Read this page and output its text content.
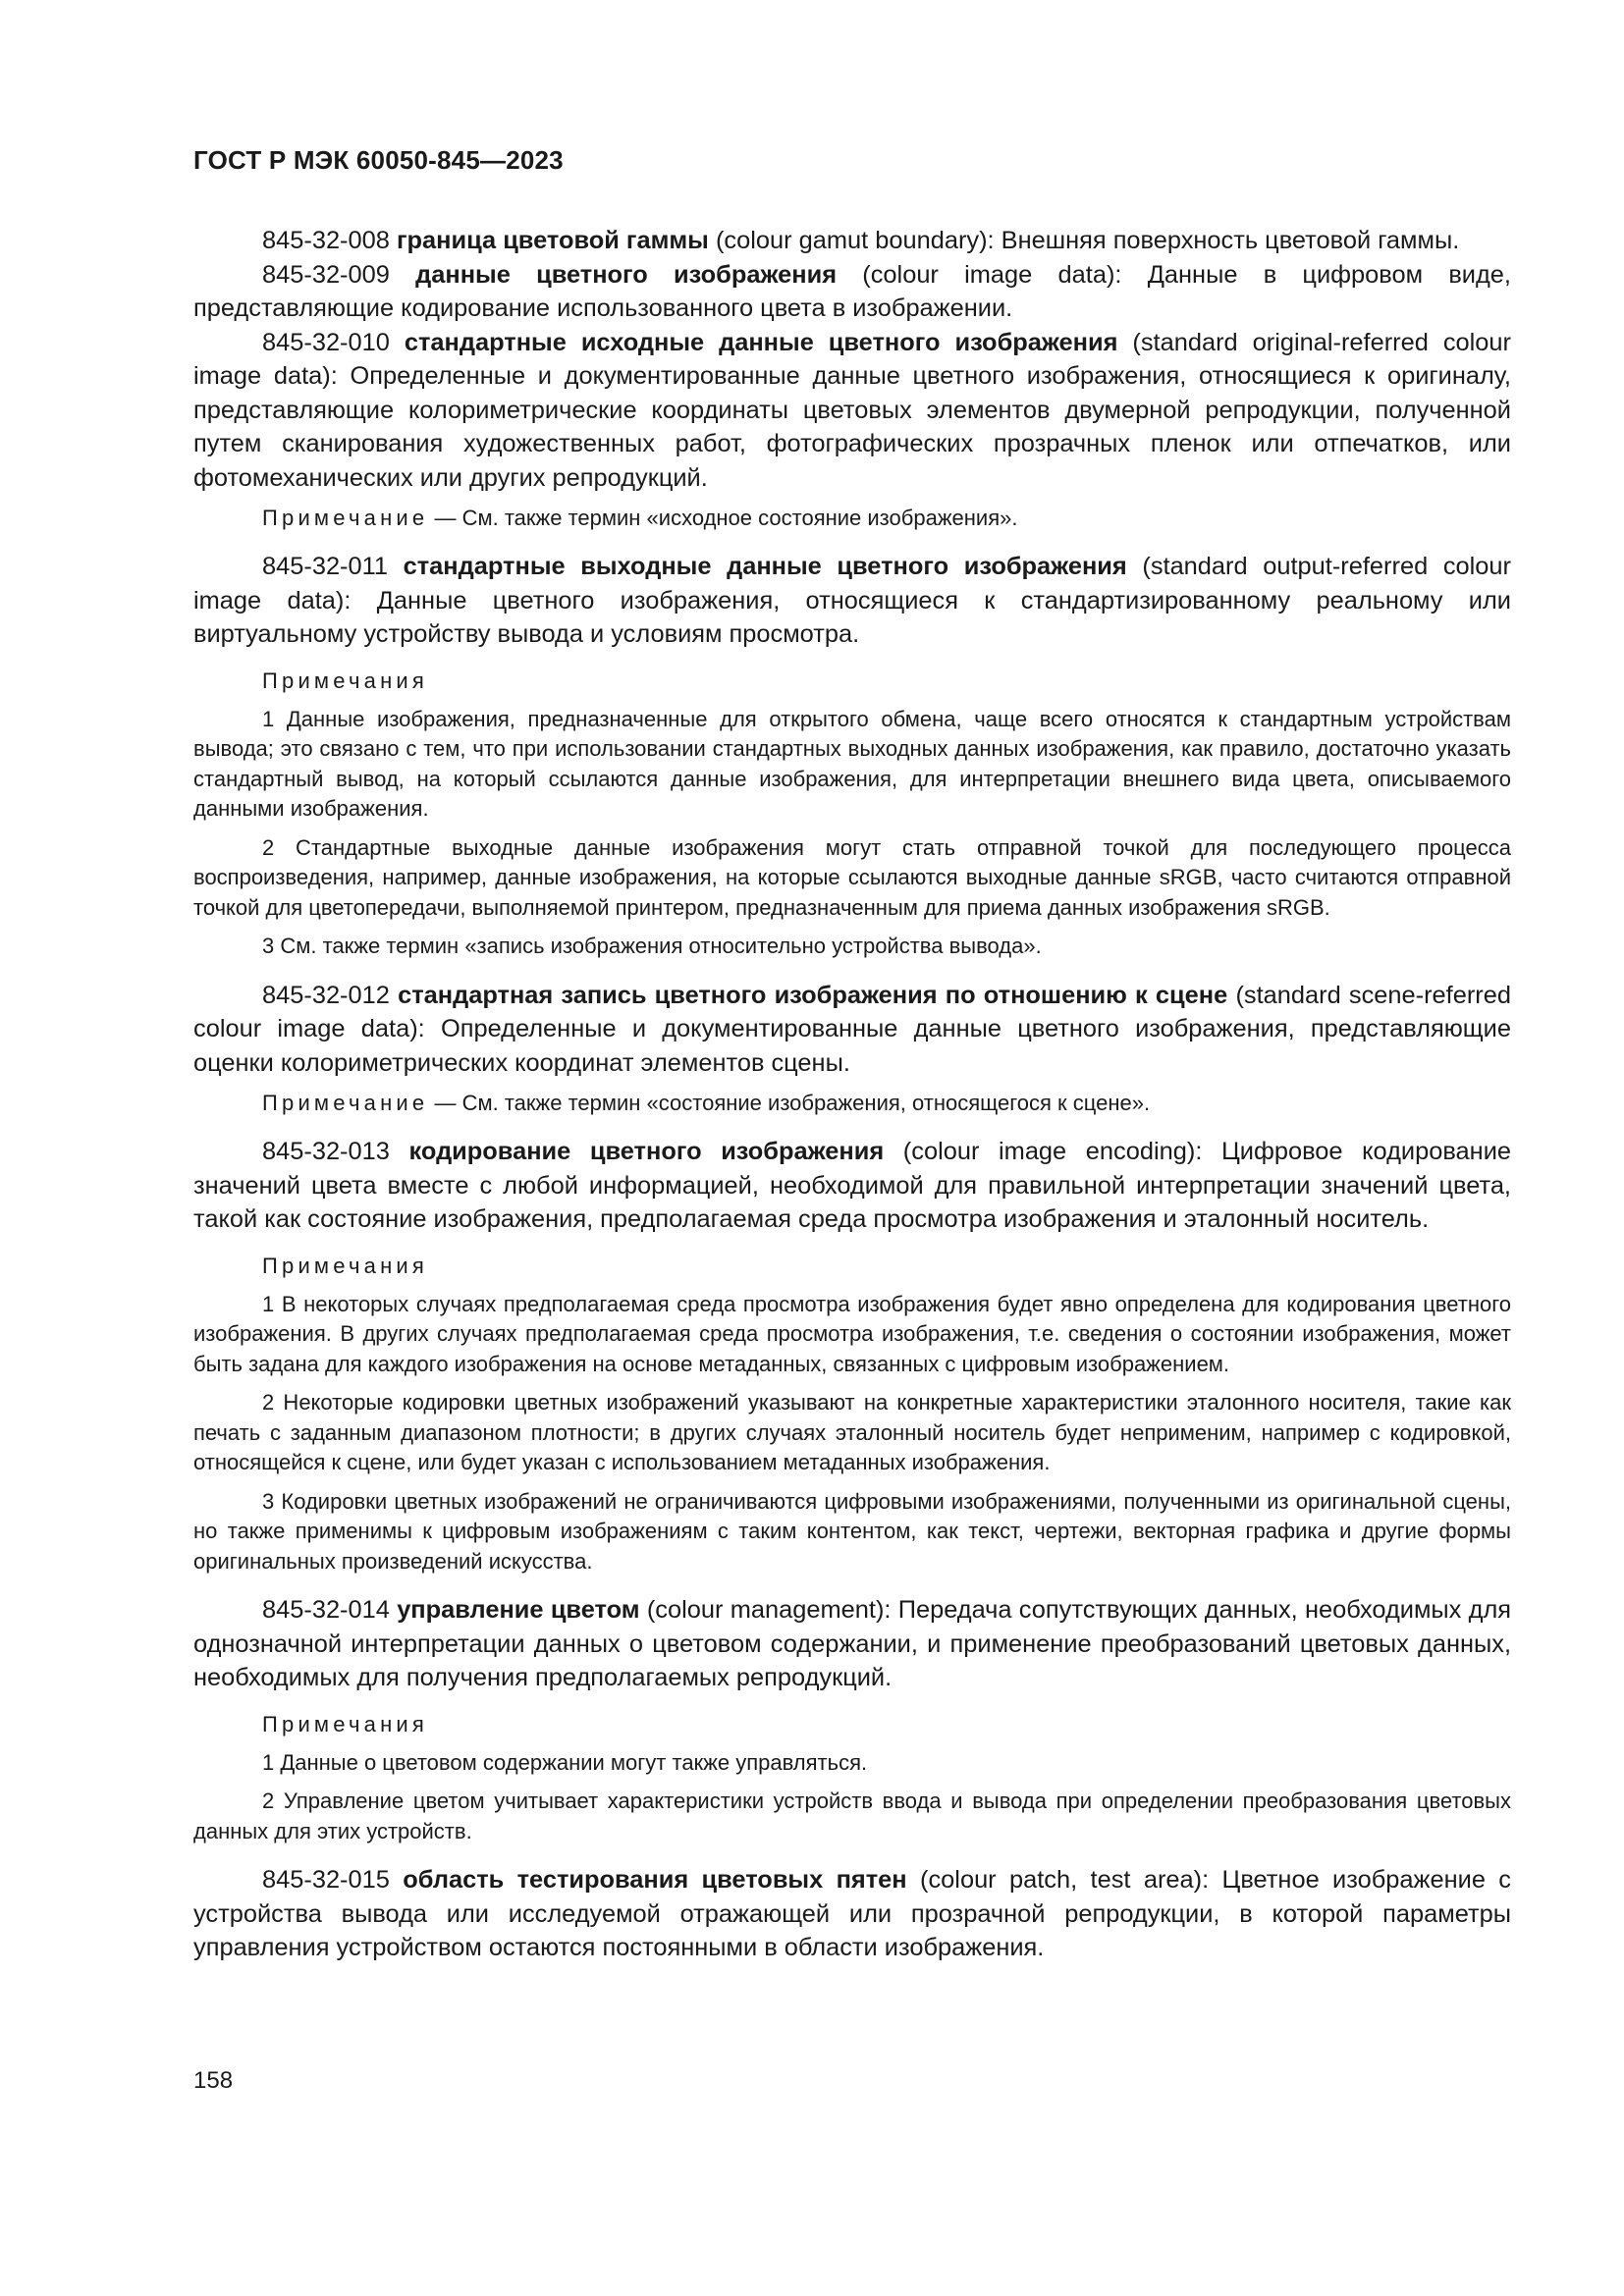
ГОСТ Р МЭК 60050-845—2023

845-32-008 граница цветовой гаммы (colour gamut boundary): Внешняя поверхность цветовой гаммы.

845-32-009 данные цветного изображения (colour image data): Данные в цифровом виде, представляющие кодирование использованного цвета в изображении.

845-32-010 стандартные исходные данные цветного изображения (standard original-referred colour image data): Определенные и документированные данные цветного изображения, относящиеся к оригиналу, представляющие колориметрические координаты цветовых элементов двумерной репродукции, полученной путем сканирования художественных работ, фотографических прозрачных пленок или отпечатков, или фотомеханических или других репродукций.

Примечание — См. также термин «исходное состояние изображения».

845-32-011 стандартные выходные данные цветного изображения (standard output-referred colour image data): Данные цветного изображения, относящиеся к стандартизированному реальному или виртуальному устройству вывода и условиям просмотра.

Примечания

1 Данные изображения, предназначенные для открытого обмена, чаще всего относятся к стандартным устройствам вывода; это связано с тем, что при использовании стандартных выходных данных изображения, как правило, достаточно указать стандартный вывод, на который ссылаются данные изображения, для интерпретации внешнего вида цвета, описываемого данными изображения.

2 Стандартные выходные данные изображения могут стать отправной точкой для последующего процесса воспроизведения, например, данные изображения, на которые ссылаются выходные данные sRGB, часто считаются отправной точкой для цветопередачи, выполняемой принтером, предназначенным для приема данных изображения sRGB.

3 См. также термин «запись изображения относительно устройства вывода».

845-32-012 стандартная запись цветного изображения по отношению к сцене (standard scene-referred colour image data): Определенные и документированные данные цветного изображения, представляющие оценки колориметрических координат элементов сцены.

Примечание — См. также термин «состояние изображения, относящегося к сцене».

845-32-013 кодирование цветного изображения (colour image encoding): Цифровое кодирование значений цвета вместе с любой информацией, необходимой для правильной интерпретации значений цвета, такой как состояние изображения, предполагаемая среда просмотра изображения и эталонный носитель.

Примечания

1 В некоторых случаях предполагаемая среда просмотра изображения будет явно определена для кодирования цветного изображения. В других случаях предполагаемая среда просмотра изображения, т.е. сведения о состоянии изображения, может быть задана для каждого изображения на основе метаданных, связанных с цифровым изображением.

2 Некоторые кодировки цветных изображений указывают на конкретные характеристики эталонного носителя, такие как печать с заданным диапазоном плотности; в других случаях эталонный носитель будет неприменим, например с кодировкой, относящейся к сцене, или будет указан с использованием метаданных изображения.

3 Кодировки цветных изображений не ограничиваются цифровыми изображениями, полученными из оригинальной сцены, но также применимы к цифровым изображениям с таким контентом, как текст, чертежи, векторная графика и другие формы оригинальных произведений искусства.

845-32-014 управление цветом (colour management): Передача сопутствующих данных, необходимых для однозначной интерпретации данных о цветовом содержании, и применение преобразований цветовых данных, необходимых для получения предполагаемых репродукций.

Примечания

1 Данные о цветовом содержании могут также управляться.

2 Управление цветом учитывает характеристики устройств ввода и вывода при определении преобразования цветовых данных для этих устройств.

845-32-015 область тестирования цветовых пятен (colour patch, test area): Цветное изображение с устройства вывода или исследуемой отражающей или прозрачной репродукции, в которой параметры управления устройством остаются постоянными в области изображения.

158
